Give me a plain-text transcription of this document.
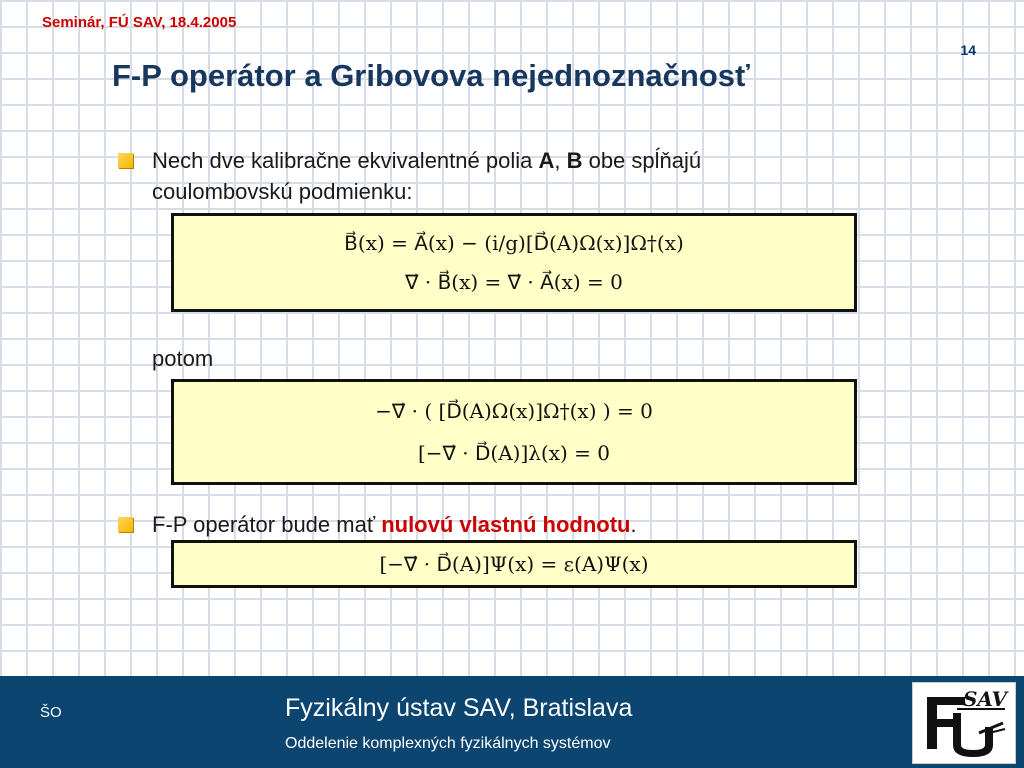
Seminár, FÚ SAV, 18.4.2005
14
F-P operátor a Gribovova nejednoznačnosť
Nech dve kalibračne ekvivalentné polia A, B obe spĺňajú
coulombovskú podmienku:
B⃗(x) = A⃗(x) − (i/g)[D⃗(A)Ω(x)]Ω†(x)
∇⃗ · B⃗(x) = ∇⃗ · A⃗(x) = 0
potom
−∇⃗ · ( [D⃗(A)Ω(x)]Ω†(x) ) = 0
[−∇⃗ · D⃗(A)]λ(x) = 0
F-P operátor bude mať nulovú vlastnú hodnotu.
[−∇⃗ · D⃗(A)]Ψ(x) = ε(A)Ψ(x)
ŠO	Fyzikálny ústav SAV, Bratislava
Oddelenie komplexných fyzikálnych systémov
SAV
